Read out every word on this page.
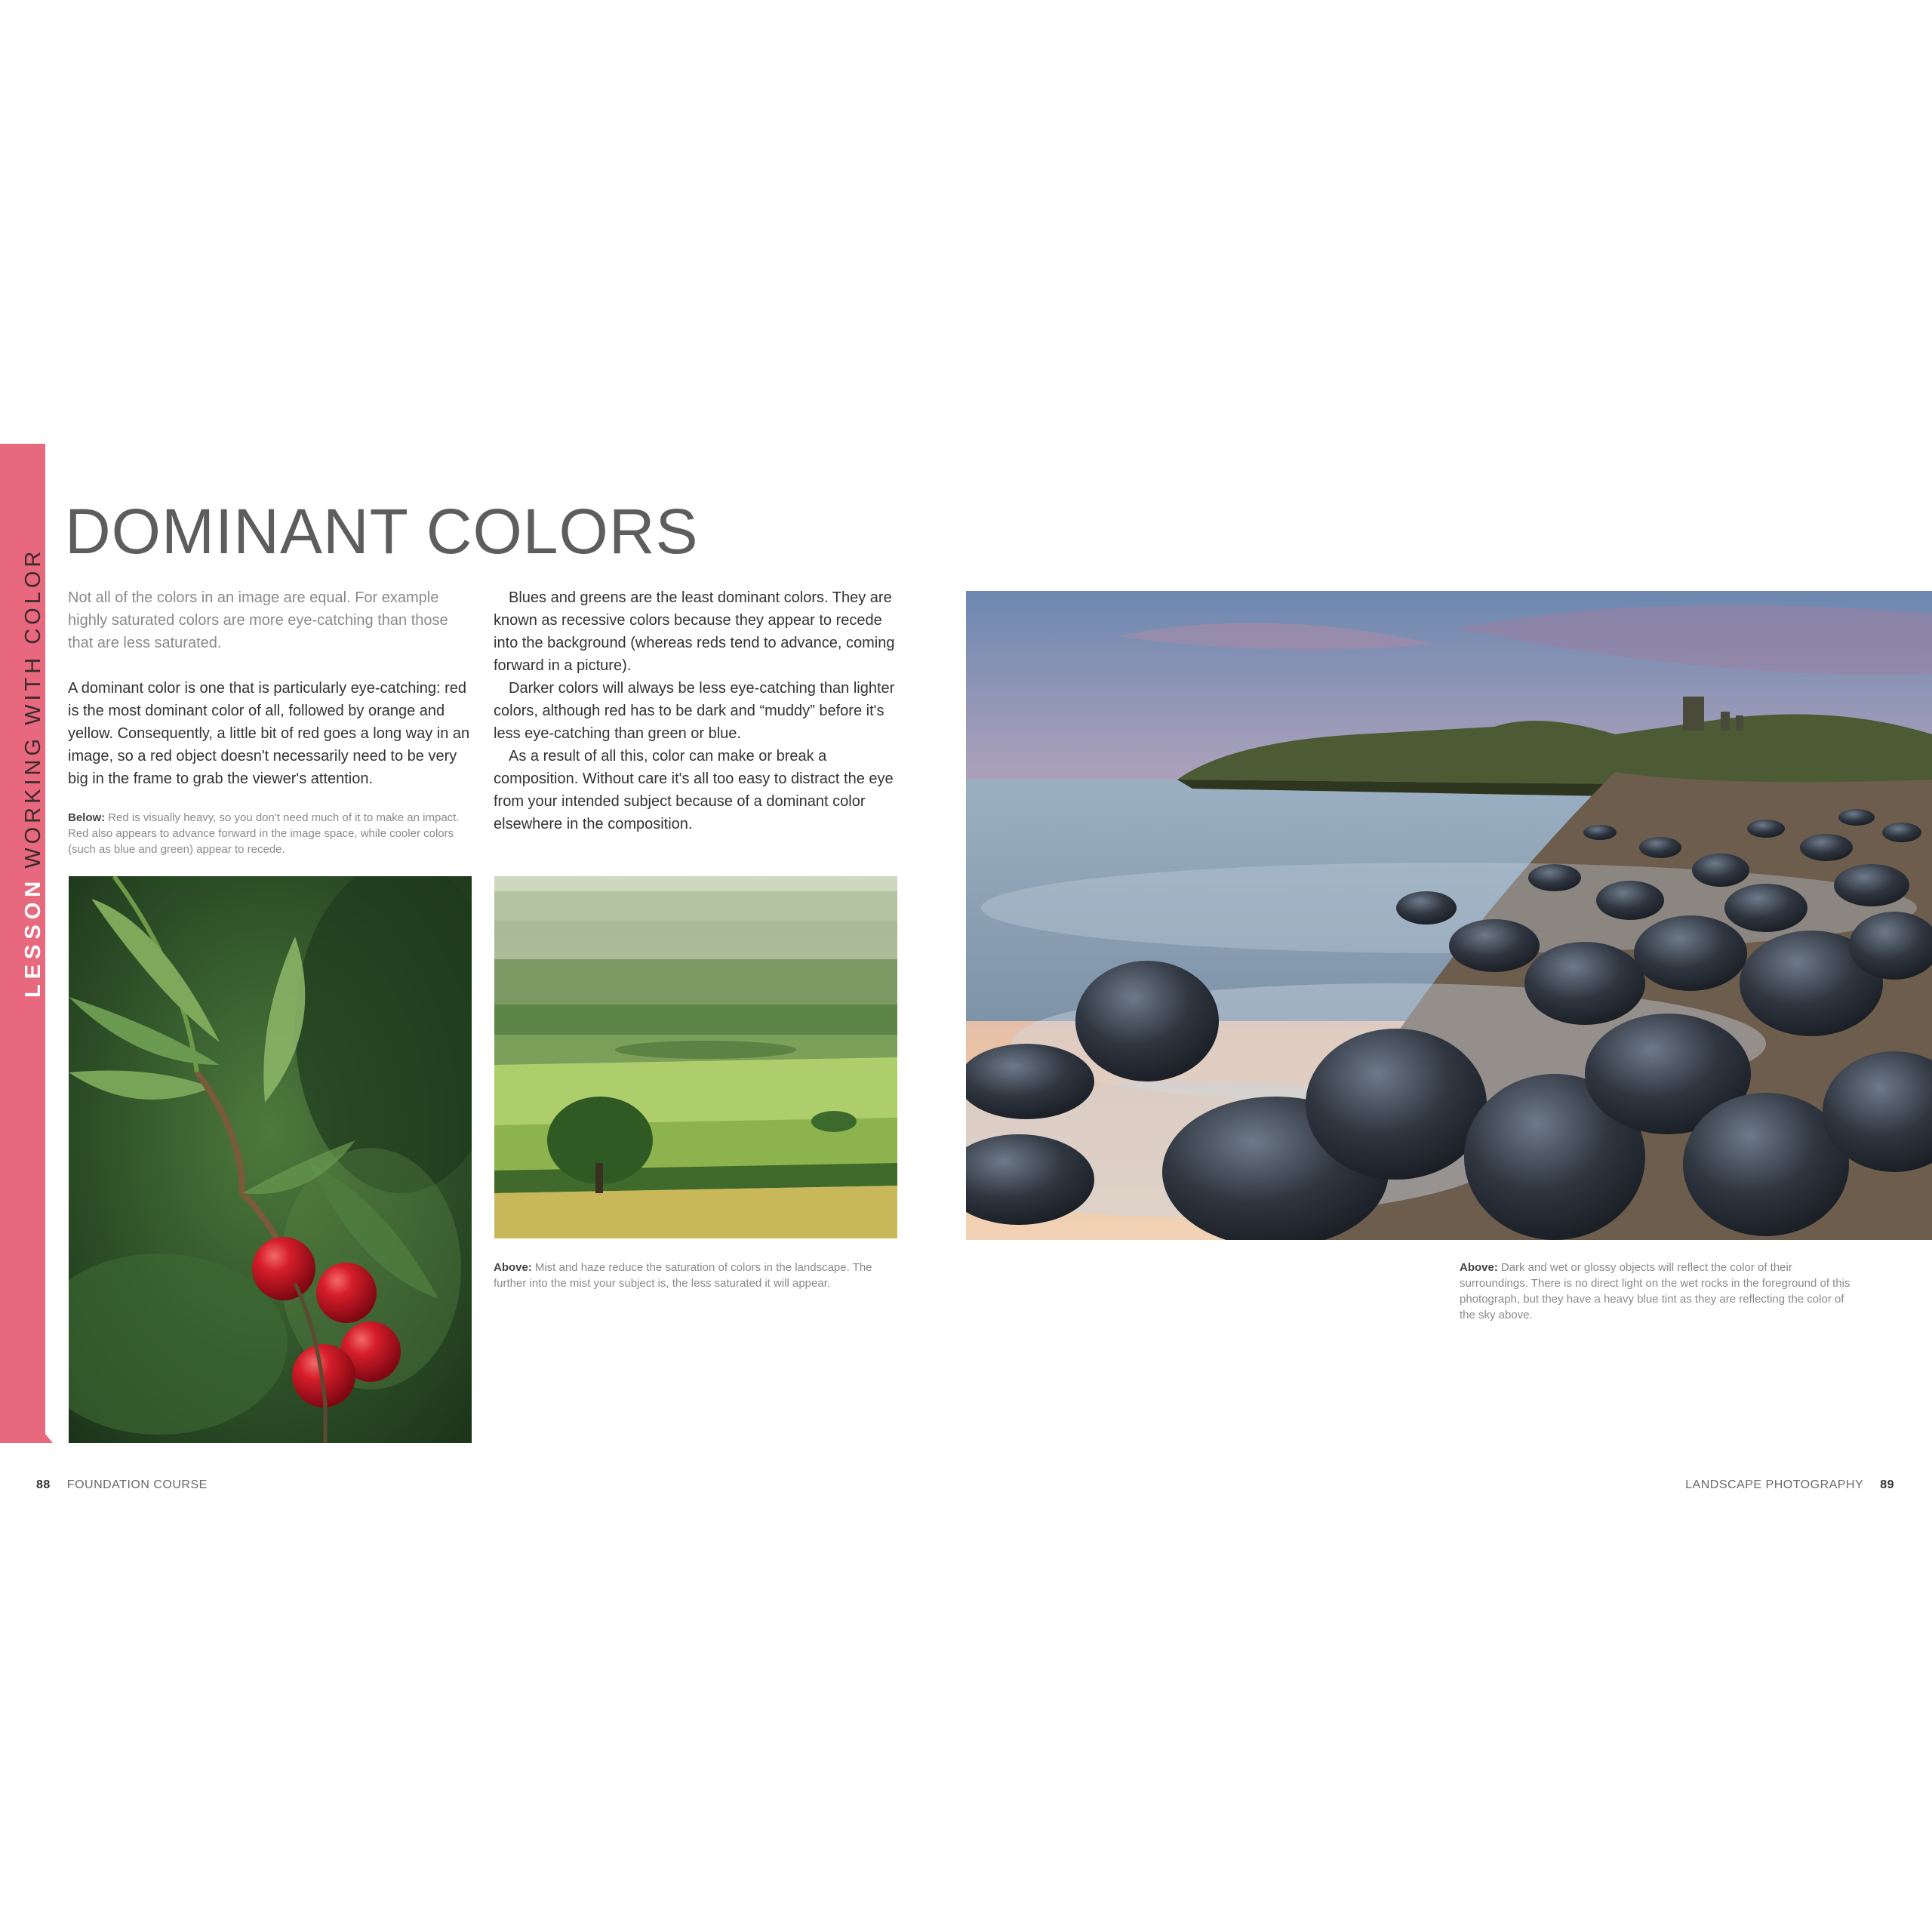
LESSONWORKING WITH COLOR
DOMINANT COLORS

Not all of the colors in an image are equal. For example highly saturated colors are more eye-catching than those that are less saturated.

A dominant color is one that is particularly eye-catching: red is the most dominant color of all, followed by orange and yellow. Consequently, a little bit of red goes a long way in an image, so a red object doesn't necessarily need to be very big in the frame to grab the viewer's attention.

Blues and greens are the least dominant colors. They are known as recessive colors because they appear to recede into the background (whereas reds tend to advance, coming forward in a picture).

Darker colors will always be less eye-catching than lighter colors, although red has to be dark and “muddy” before it's less eye-catching than green or blue.

As a result of all this, color can make or break a composition. Without care it's all too easy to distract the eye from your intended subject because of a dominant color elsewhere in the composition.

Below: Red is visually heavy, so you don't need much of it to make an impact. Red also appears to advance forward in the image space, while cooler colors (such as blue and green) appear to recede.
Above: Mist and haze reduce the saturation of colors in the landscape. The further into the mist your subject is, the less saturated it will appear.
Above: Dark and wet or glossy objects will reflect the color of their surroundings. There is no direct light on the wet rocks in the foreground of this photograph, but they have a heavy blue tint as they are reflecting the color of the sky above.
88 FOUNDATION COURSE	LANDSCAPE PHOTOGRAPHY 89
